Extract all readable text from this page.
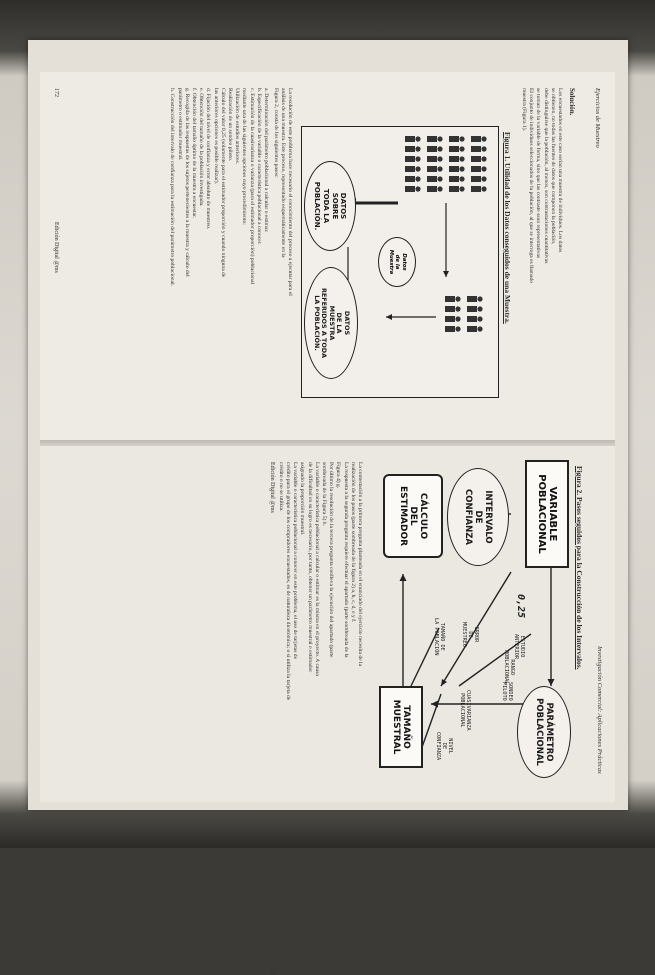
Ejercicios de Muestreo
Solución.
Los encuestados en este caso serían una muestra de individuos. Los datos
se obtienen, no todas las fuentes de datos que componen la población,
debe distinguirse que la población, al menos, son contrastaciones cuantitativas
se toman de la variable de forma, sino que las contraste sean representativas
El conjunto de individuos seleccionados de la población, al que se interroga es llamado
muestra (Figura 1).
Figura 1. Utilidad de los Datos conseguidos de una Muestra.
DATOS
SOBRE
TODA LA
POBLACIÓN.
Datos
de la
Muestra
DATOS
DE LA
MUESTRA
REFERIDOS A TODA
LA POBLACIÓN.
La resolución de este problema hace necesario el conocimiento del proceso a ejecutar para el
análisis de una muestra. Este proceso, representado esquemáticamente en la
Figura 2, consta de los siguientes pasos:
a. Determinación del parámetro poblacional a calcular o estimar.
b. Especificación de la variable o característica poblacional a conocer.
c. Estimación de la cuasivarianza o varianza (para el estimador proporción) poblacional
mediante una de las siguientes opciones cuyo procedimiento:
Utilización de estudios anteriores.
Realización de un sondeo piloto.
Cálculo del valor 0,25 (solamente para el estimador proporción y cuando ninguna de
las anteriores opciones es posible realizar).
d. Fijación del nivel de confianza y error absoluto de muestreo.
e. Obtención del tamaño de la población investigada.
f. Obtención del tamaño óptimo de la muestra a encuestar.
g. Recogida de las respuestas de los sujetos pertenecientes a la muestra y cálculo del
parámetro o estimador muestral.
h. Construcción del intervalo de confianza para la estimación del parámetro poblacional.
172
Edición Digital @ms
Investigación Comercial: Aplicaciones Prácticas
Figura 2. Pasos seguidos para la Construcción de los Intervalos.
VARIABLE
POBLACIONAL
PARÁMETRO
POBLACIONAL
INTERVALO
DE
CONFIANZA
CÁLCULO
DEL
ESTIMADOR
TAMAÑO
MUESTRAL
ESTUDIO
ANTERIOR
SONDEO
PILOTO
0,25
RANGO
POBLACIONAL
ERROR
DE
MUESTREO
CUASIVARIANZA
POBLACIONAL
NIVEL
DE
CONFIANZA
TAMAÑO DE
LA POBLACIÓN
La contestación a la primera pregunta planteada en el enunciado del ejercicio necesita de la
realización de los pasos (parte sombreada de la figura 2) a, b, c, d, e y f.
La respuesta a la segunda pregunta requiere efectuar el apartado (parte sombreada de la
Figura 4) g.
Por último la resolución de la tercera pregunta conlleva la ejecución del apartado (parte
sombreada de la Figura 5) h.
La variable o característica poblacional a calcular o estimar es la misma en el proyecto. A causa
de la dificultad en su logro es necesario, por tanto, obtener un parámetro muestral o estimador
asignado la proporción muestral.
La variable o característica poblacional a conocer en este problema, el uso de tarjetas de
crédito para el grupo de los compradores encuestados, es de naturaleza dicotómica; o sí utiliza la tarjeta de
crédito o no se utiliza.
173
Edición Digital @ms
